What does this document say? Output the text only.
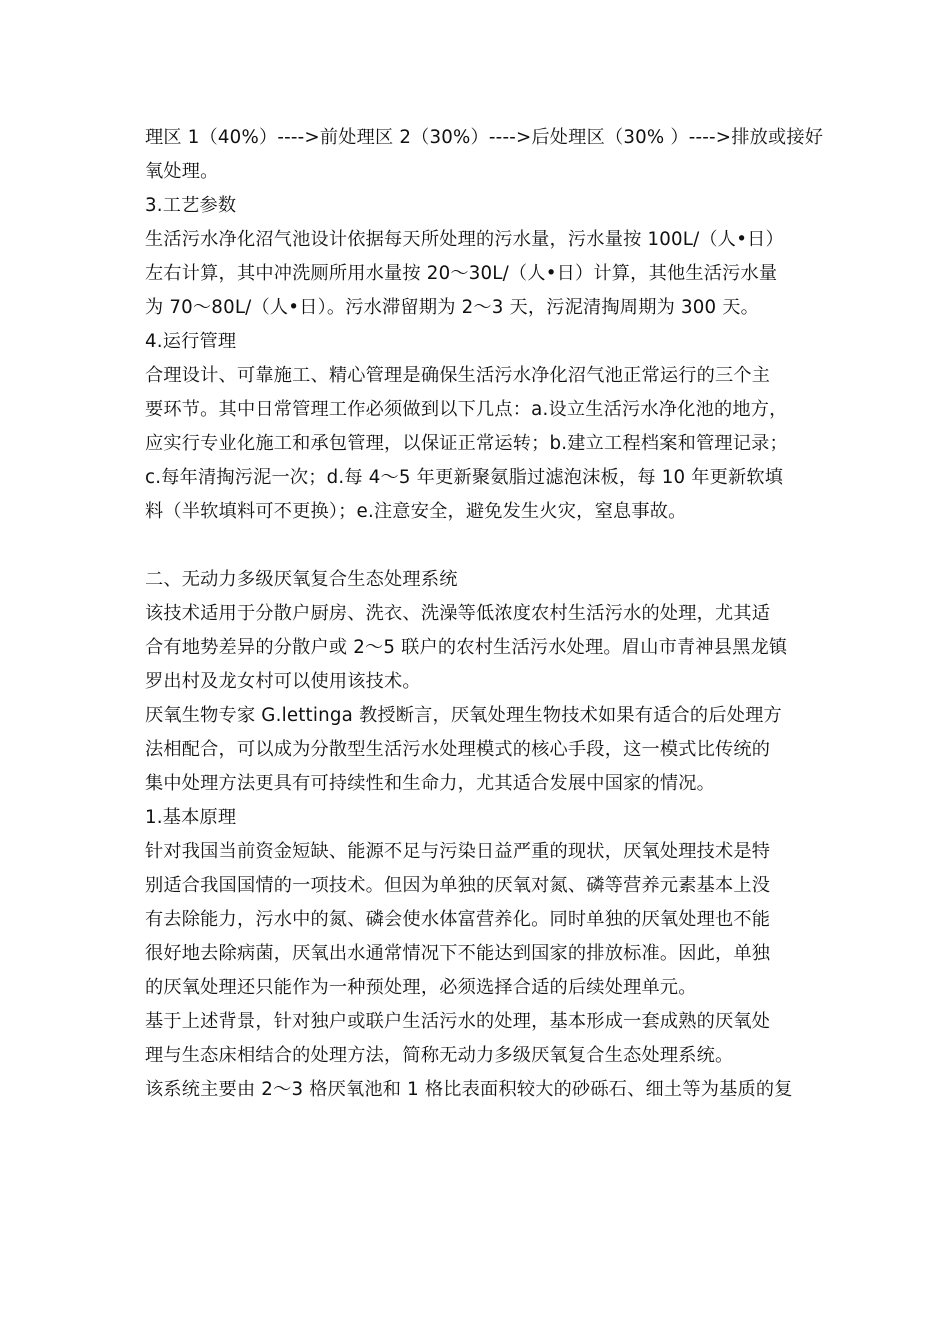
理区 1（40%）---->前处理区 2（30%）---->后处理区（30% ）---->排放或接好
氧处理。
3.工艺参数
生活污水净化沼气池设计依据每天所处理的污水量，污水量按 100L/（人•日）
左右计算，其中冲洗厕所用水量按 20～30L/（人•日）计算，其他生活污水量
为 70～80L/（人•日）。污水滞留期为 2～3 天，污泥清掏周期为 300 天。
4.运行管理
合理设计、可靠施工、精心管理是确保生活污水净化沼气池正常运行的三个主
要环节。其中日常管理工作必须做到以下几点：a.设立生活污水净化池的地方，
应实行专业化施工和承包管理，以保证正常运转；b.建立工程档案和管理记录；
c.每年清掏污泥一次；d.每 4～5 年更新聚氨脂过滤泡沫板，每 10 年更新软填
料（半软填料可不更换）；e.注意安全，避免发生火灾，窒息事故。
二、无动力多级厌氧复合生态处理系统
该技术适用于分散户厨房、洗衣、洗澡等低浓度农村生活污水的处理，尤其适
合有地势差异的分散户或 2～5 联户的农村生活污水处理。眉山市青神县黑龙镇
罗出村及龙女村可以使用该技术。
厌氧生物专家 G.lettinga 教授断言，厌氧处理生物技术如果有适合的后处理方
法相配合，可以成为分散型生活污水处理模式的核心手段，这一模式比传统的
集中处理方法更具有可持续性和生命力，尤其适合发展中国家的情况。
1.基本原理
针对我国当前资金短缺、能源不足与污染日益严重的现状，厌氧处理技术是特
别适合我国国情的一项技术。但因为单独的厌氧对氮、磷等营养元素基本上没
有去除能力，污水中的氮、磷会使水体富营养化。同时单独的厌氧处理也不能
很好地去除病菌，厌氧出水通常情况下不能达到国家的排放标准。因此，单独
的厌氧处理还只能作为一种预处理，必须选择合适的后续处理单元。
基于上述背景，针对独户或联户生活污水的处理，基本形成一套成熟的厌氧处
理与生态床相结合的处理方法，简称无动力多级厌氧复合生态处理系统。
该系统主要由 2～3 格厌氧池和 1 格比表面积较大的砂砾石、细土等为基质的复
